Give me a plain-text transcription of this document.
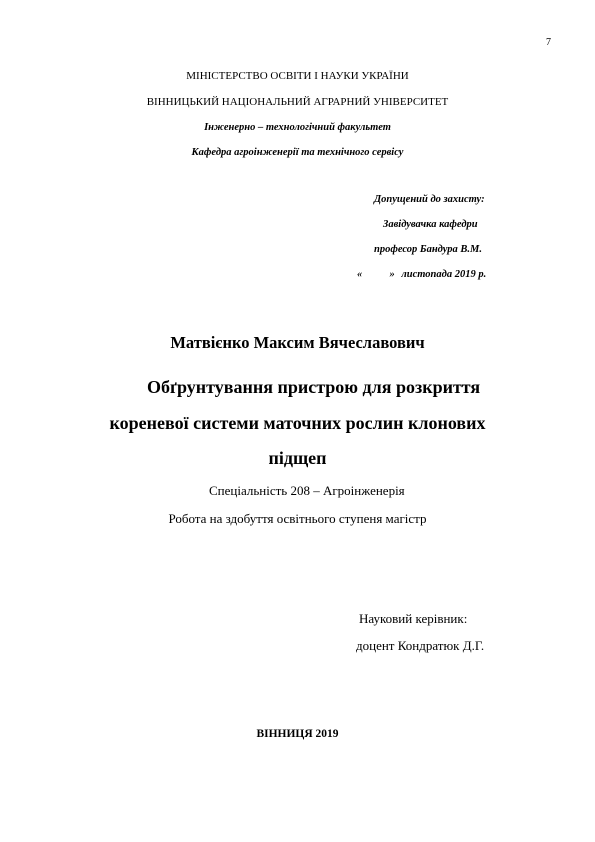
7
МІНІСТЕРСТВО ОСВІТИ І НАУКИ УКРАЇНИ
ВІННИЦЬКИЙ НАЦІОНАЛЬНИЙ АГРАРНИЙ УНІВЕРСИТЕТ
Інженерно – технологічний факультет
Кафедра агроінженерії та технічного сервісу
Допущений до захисту:
Завідувачка кафедри
професор Бандура В.М.
«	» листопада 2019 р.
Матвієнко Максим Вячеславович
Обґрунтування пристрою для розкриття
кореневої системи маточних рослин клонових
підщеп
Спеціальність 208 – Агроінженерія
Робота на здобуття освітнього ступеня магістр
Науковий керівник:
доцент Кондратюк Д.Г.
ВІННИЦЯ 2019
